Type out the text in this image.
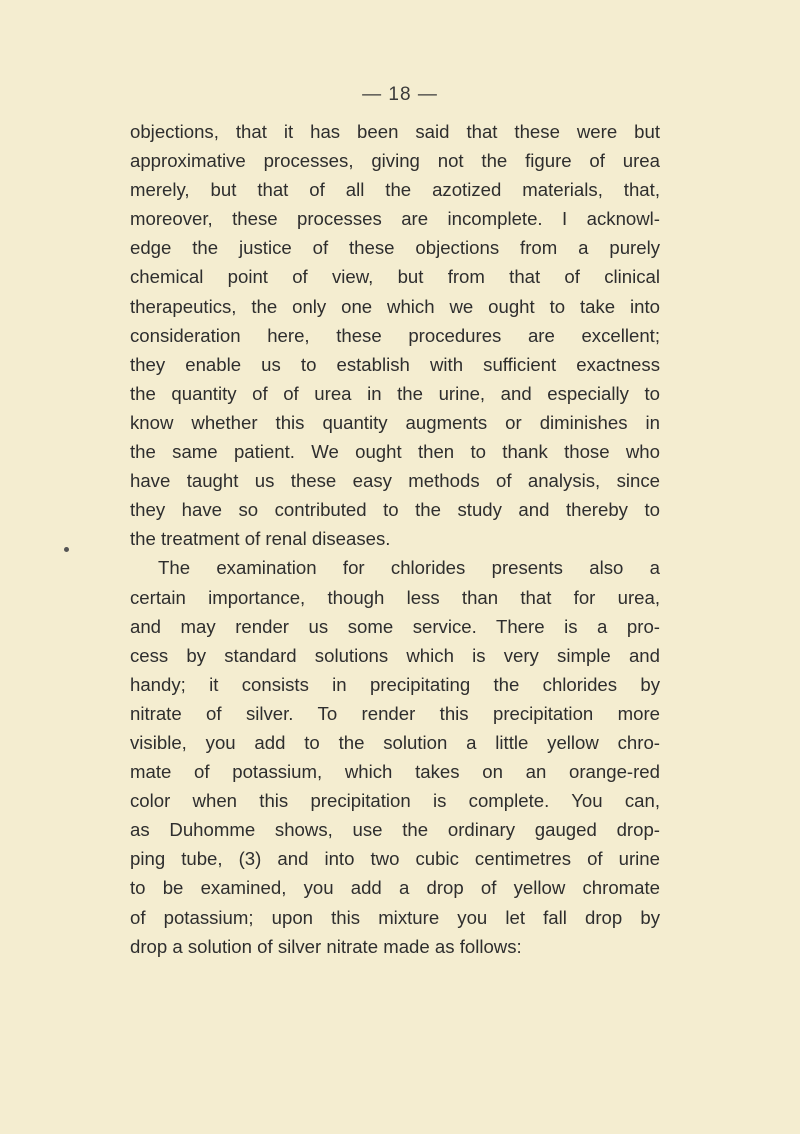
— 18 —
objections, that it has been said that these were but
approximative processes, giving not the figure of urea
merely, but that of all the azotized materials, that,
moreover, these processes are incomplete. I acknowl-
edge the justice of these objections from a purely
chemical point of view, but from that of clinical
therapeutics, the only one which we ought to take into
consideration here, these procedures are excellent;
they enable us to establish with sufficient exactness
the quantity of of urea in the urine, and especially to
know whether this quantity augments or diminishes in
the same patient. We ought then to thank those who
have taught us these easy methods of analysis, since
they have so contributed to the study and thereby to
the treatment of renal diseases.
The examination for chlorides presents also a
certain importance, though less than that for urea,
and may render us some service. There is a pro-
cess by standard solutions which is very simple and
handy; it consists in precipitating the chlorides by
nitrate of silver. To render this precipitation more
visible, you add to the solution a little yellow chro-
mate of potassium, which takes on an orange-red
color when this precipitation is complete. You can,
as Duhomme shows, use the ordinary gauged drop-
ping tube, (3) and into two cubic centimetres of urine
to be examined, you add a drop of yellow chromate
of potassium; upon this mixture you let fall drop by
drop a solution of silver nitrate made as follows:
